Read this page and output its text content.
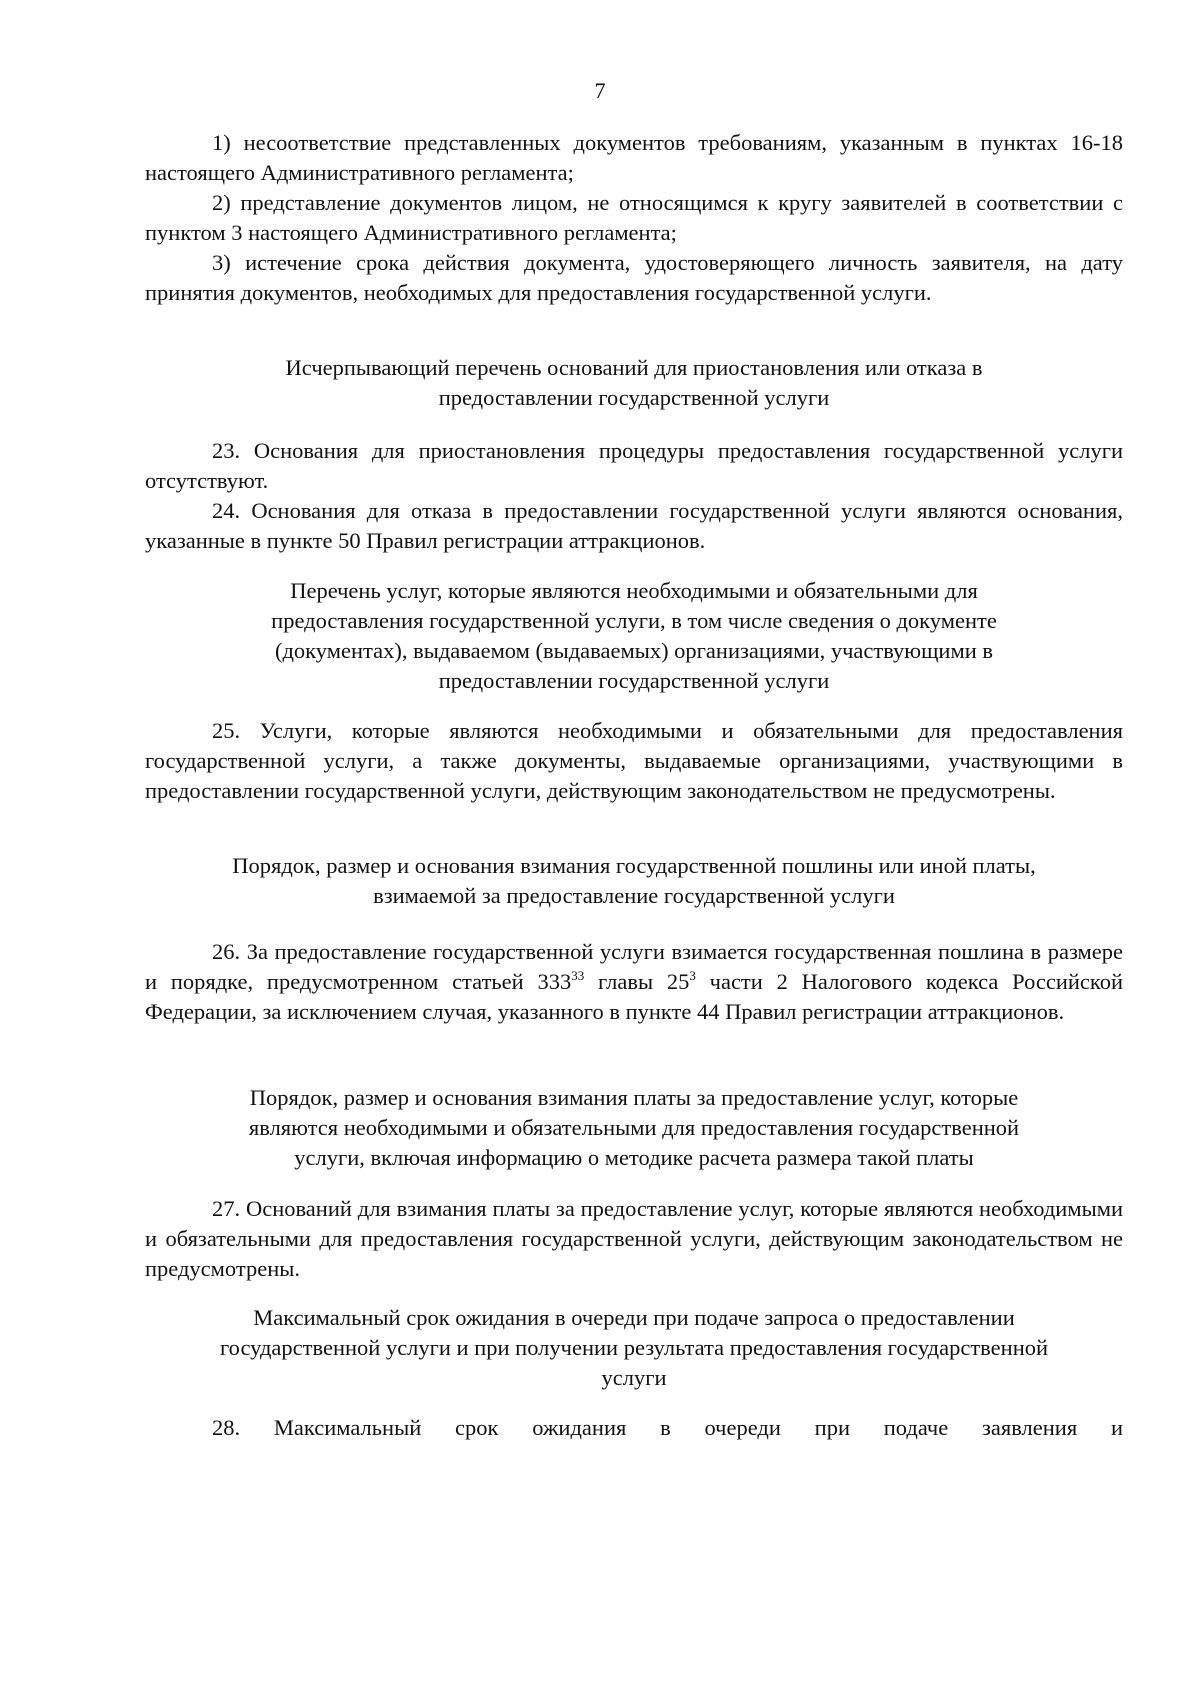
7

1) несоответствие представленных документов требованиям, указанным в пунктах 16-18 настоящего Административного регламента;

2) представление документов лицом, не относящимся к кругу заявителей в соответствии с пунктом 3 настоящего Административного регламента;

3) истечение срока действия документа, удостоверяющего личность заявителя, на дату принятия документов, необходимых для предоставления государственной услуги.

Исчерпывающий перечень оснований для приостановления или отказа в
предоставлении государственной услуги

23. Основания для приостановления процедуры предоставления государственной услуги отсутствуют.

24. Основания для отказа в предоставлении государственной услуги являются основания, указанные в пункте 50 Правил регистрации аттракционов.

Перечень услуг, которые являются необходимыми и обязательными для
предоставления государственной услуги, в том числе сведения о документе
(документах), выдаваемом (выдаваемых) организациями, участвующими в
предоставлении государственной услуги

25. Услуги, которые являются необходимыми и обязательными для предоставления государственной услуги, а также документы, выдаваемые организациями, участвующими в предоставлении государственной услуги, действующим законодательством не предусмотрены.

Порядок, размер и основания взимания государственной пошлины или иной платы,
взимаемой за предоставление государственной услуги

26. За предоставление государственной услуги взимается государственная пошлина в размере и порядке, предусмотренном статьей $333^{33}$ главы $25^3$ части 2 Налогового кодекса Российской Федерации, за исключением случая, указанного в пункте 44 Правил регистрации аттракционов.

Порядок, размер и основания взимания платы за предоставление услуг, которые
являются необходимыми и обязательными для предоставления государственной
услуги, включая информацию о методике расчета размера такой платы

27. Оснований для взимания платы за предоставление услуг, которые являются необходимыми и обязательными для предоставления государственной услуги, действующим законодательством не предусмотрены.

Максимальный срок ожидания в очереди при подаче запроса о предоставлении
государственной услуги и при получении результата предоставления государственной
услуги

28. Максимальный срок ожидания в очереди при подаче заявления и
